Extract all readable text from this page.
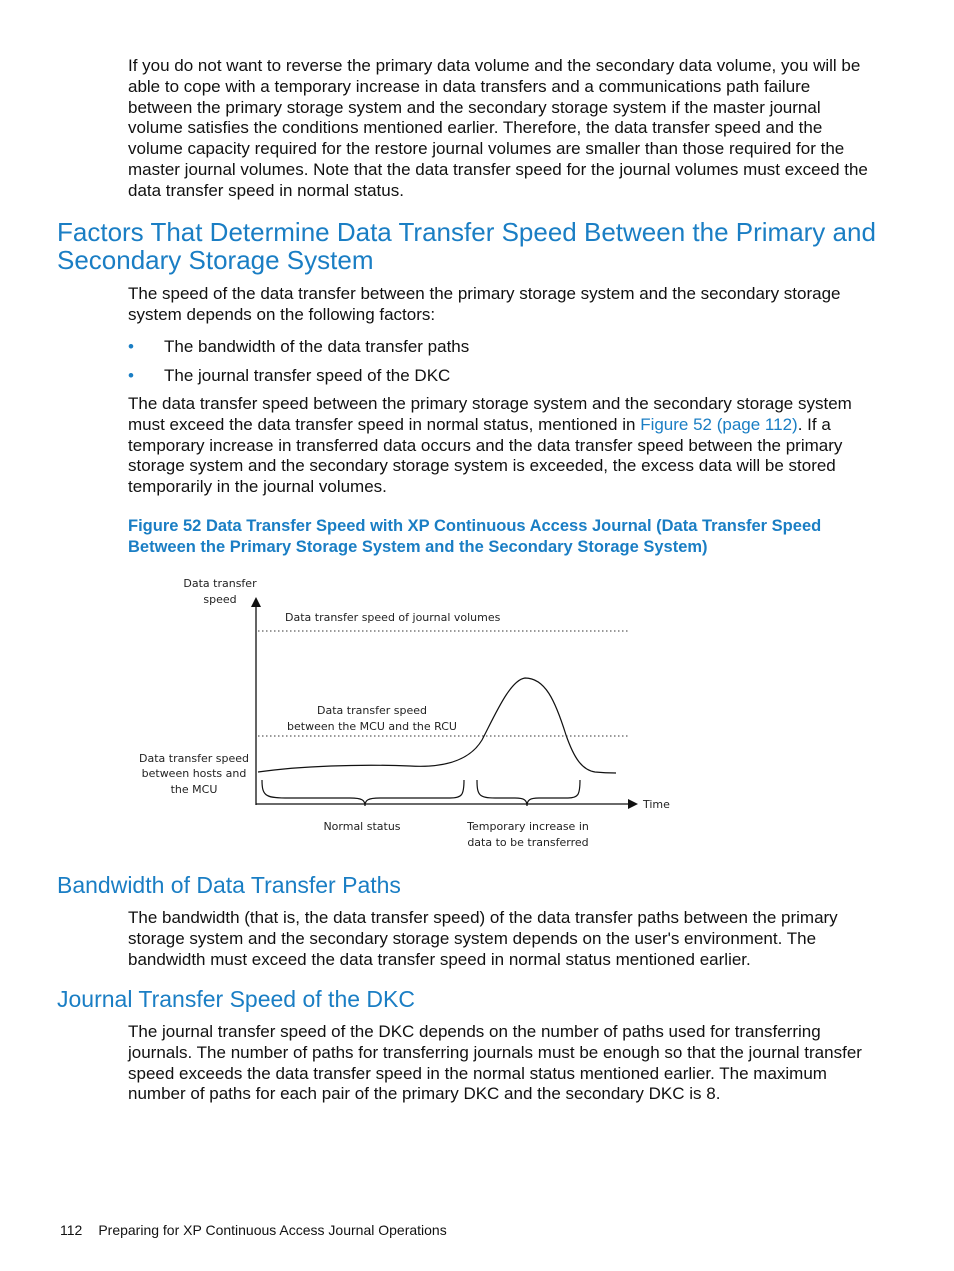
If you do not want to reverse the primary data volume and the secondary data volume, you will be able to cope with a temporary increase in data transfers and a communications path failure between the primary storage system and the secondary storage system if the master journal volume satisfies the conditions mentioned earlier. Therefore, the data transfer speed and the volume capacity required for the restore journal volumes are smaller than those required for the master journal volumes. Note that the data transfer speed for the journal volumes must exceed the data transfer speed in normal status.

Factors That Determine Data Transfer Speed Between the Primary and Secondary Storage System

The speed of the data transfer between the primary storage system and the secondary storage system depends on the following factors:

• The bandwidth of the data transfer paths
• The journal transfer speed of the DKC

The data transfer speed between the primary storage system and the secondary storage system must exceed the data transfer speed in normal status, mentioned in Figure 52 (page 112). If a temporary increase in transferred data occurs and the data transfer speed between the primary storage system and the secondary storage system is exceeded, the excess data will be stored temporarily in the journal volumes.

Figure 52 Data Transfer Speed with XP Continuous Access Journal (Data Transfer Speed Between the Primary Storage System and the Secondary Storage System)

Data transfer
speed
Data transfer speed of journal volumes
Data transfer speed
between the MCU and the RCU
Data transfer speed
between hosts and
the MCU
Time
Normal status	Temporary increase in
data to be transferred
Bandwidth of Data Transfer Paths

The bandwidth (that is, the data transfer speed) of the data transfer paths between the primary storage system and the secondary storage system depends on the user's environment. The bandwidth must exceed the data transfer speed in normal status mentioned earlier.

Journal Transfer Speed of the DKC

The journal transfer speed of the DKC depends on the number of paths used for transferring journals. The number of paths for transferring journals must be enough so that the journal transfer speed exceeds the data transfer speed in the normal status mentioned earlier. The maximum number of paths for each pair of the primary DKC and the secondary DKC is 8.

112 Preparing for XP Continuous Access Journal Operations
